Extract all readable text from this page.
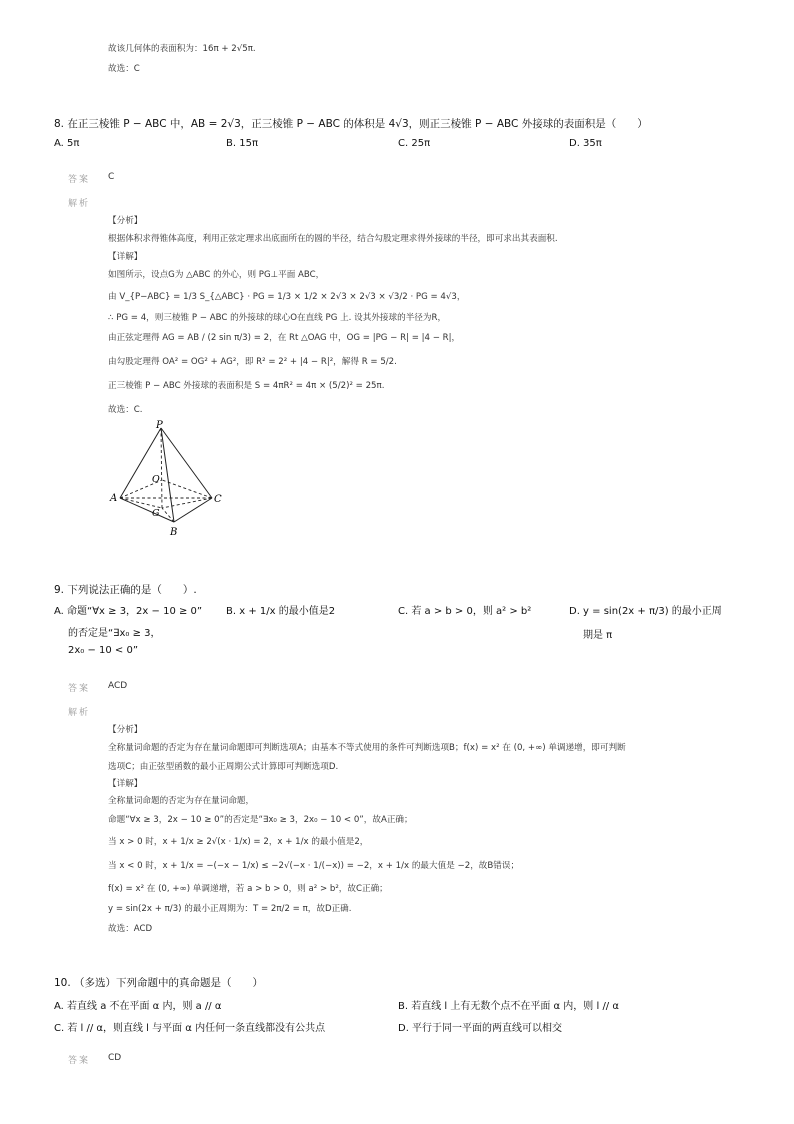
故该几何体的表面积为：16π + 2√5π.
故选：C
8. 在正三棱锥 P − ABC 中，AB = 2√3，正三棱锥 P − ABC 的体积是 4√3，则正三棱锥 P − ABC 外接球的表面积是（　　）
A. 5π	B. 15π	C. 25π	D. 35π
答案 C
解析
【分析】
根据体积求得锥体高度，利用正弦定理求出底面所在的圆的半径，结合勾股定理求得外接球的半径，即可求出其表面积.
【详解】
如图所示，设点G为 △ABC 的外心，则 PG⊥平面 ABC，
由 V_{P−ABC} = 1/3 S_{△ABC} · PG = 1/3 × 1/2 × 2√3 × 2√3 × √3/2 · PG = 4√3，
∴ PG = 4，则三棱锥 P − ABC 的外接球的球心O在直线 PG 上. 设其外接球的半径为R，
由正弦定理得 AG = AB / (2 sin π/3) = 2，在 Rt △OAG 中，OG = |PG − R| = |4 − R|，
由勾股定理得 OA² = OG² + AG²，即 R² = 2² + |4 − R|²，解得 R = 5/2.
正三棱锥 P − ABC 外接球的表面积是 S = 4πR² = 4π × (5/2)² = 25π.
故选：C.
P
A	C
B
O
G
9. 下列说法正确的是（　　）.
A. 命题“∀x ≥ 3，2x − 10 ≥ 0”
的否定是“∃x₀ ≥ 3，
2x₀ − 10 < 0”
B. x + 1/x 的最小值是2	C. 若 a > b > 0，则 a² > b²	D. y = sin(2x + π/3) 的最小正周
期是 π
答案 ACD
解析
【分析】
全称量词命题的否定为存在量词命题即可判断选项A；由基本不等式使用的条件可判断选项B；f(x) = x² 在 (0, +∞) 单调递增，即可判断
选项C；由正弦型函数的最小正周期公式计算即可判断选项D.
【详解】
全称量词命题的否定为存在量词命题，
命题“∀x ≥ 3，2x − 10 ≥ 0”的否定是“∃x₀ ≥ 3，2x₀ − 10 < 0”，故A正确；
当 x > 0 时，x + 1/x ≥ 2√(x · 1/x) = 2，x + 1/x 的最小值是2，
当 x < 0 时，x + 1/x = −(−x − 1/x) ≤ −2√(−x · 1/(−x)) = −2，x + 1/x 的最大值是 −2，故B错误；
f(x) = x² 在 (0, +∞) 单调递增，若 a > b > 0，则 a² > b²，故C正确；
y = sin(2x + π/3) 的最小正周期为：T = 2π/2 = π，故D正确.
故选：ACD
10. （多选）下列命题中的真命题是（　　）
A. 若直线 a 不在平面 α 内，则 a // α	B. 若直线 l 上有无数个点不在平面 α 内，则 l // α
C. 若 l // α，则直线 l 与平面 α 内任何一条直线都没有公共点	D. 平行于同一平面的两直线可以相交
答案 CD
